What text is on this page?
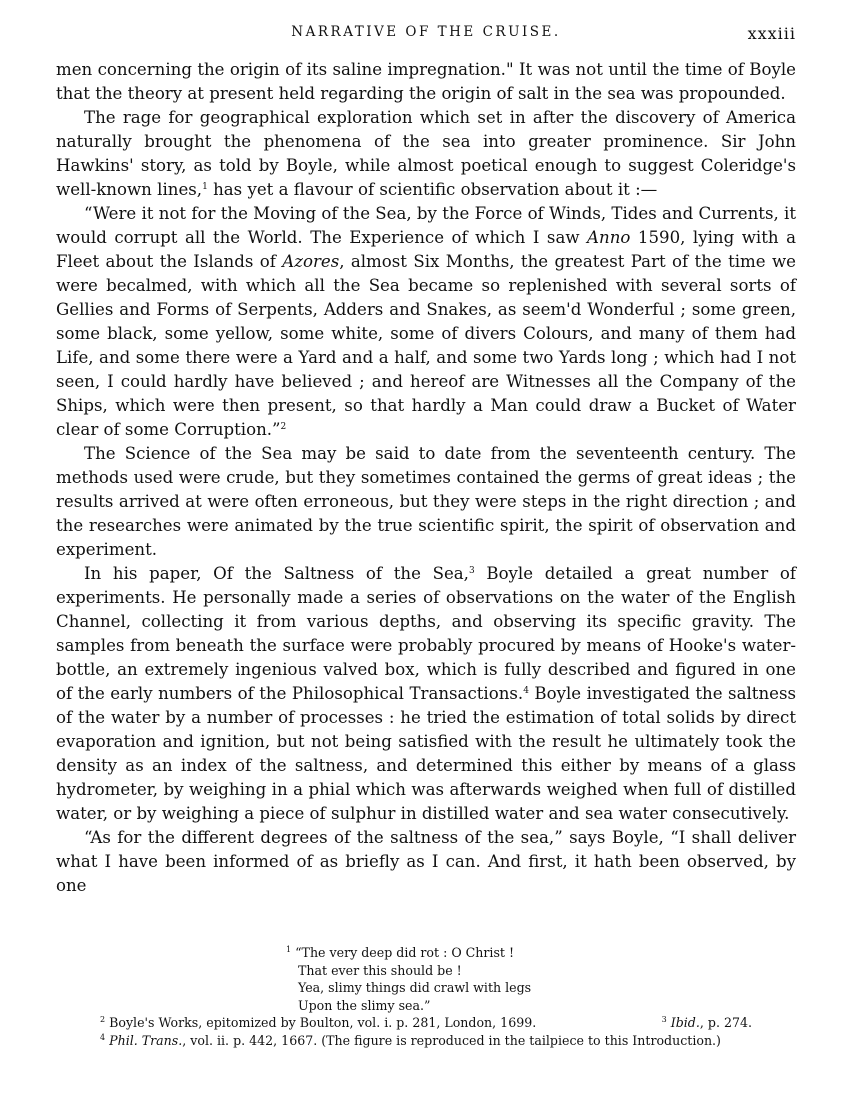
NARRATIVE OF THE CRUISE.	xxxiii

men concerning the origin of its saline impregnation." It was not until the time of Boyle that the theory at present held regarding the origin of salt in the sea was propounded.

The rage for geographical exploration which set in after the discovery of America naturally brought the phenomena of the sea into greater prominence. Sir John Hawkins' story, as told by Boyle, while almost poetical enough to suggest Coleridge's well-known lines,$^1$ has yet a flavour of scientific observation about it :—

“Were it not for the Moving of the Sea, by the Force of Winds, Tides and Currents, it would corrupt all the World. The Experience of which I saw Anno 1590, lying with a Fleet about the Islands of Azores, almost Six Months, the greatest Part of the time we were becalmed, with which all the Sea became so replenished with several sorts of Gellies and Forms of Serpents, Adders and Snakes, as seem'd Wonderful ; some green, some black, some yellow, some white, some of divers Colours, and many of them had Life, and some there were a Yard and a half, and some two Yards long ; which had I not seen, I could hardly have believed ; and hereof are Witnesses all the Company of the Ships, which were then present, so that hardly a Man could draw a Bucket of Water clear of some Corruption.”$^2$

The Science of the Sea may be said to date from the seventeenth century. The methods used were crude, but they sometimes contained the germs of great ideas ; the results arrived at were often erroneous, but they were steps in the right direction ; and the researches were animated by the true scientific spirit, the spirit of observation and experiment.

In his paper, Of the Saltness of the Sea,$^3$ Boyle detailed a great number of experiments. He personally made a series of observations on the water of the English Channel, collecting it from various depths, and observing its specific gravity. The samples from beneath the surface were probably procured by means of Hooke's water-bottle, an extremely ingenious valved box, which is fully described and figured in one of the early numbers of the Philosophical Transactions.$^4$ Boyle investigated the saltness of the water by a number of processes : he tried the estimation of total solids by direct evaporation and ignition, but not being satisfied with the result he ultimately took the density as an index of the saltness, and determined this either by means of a glass hydrometer, by weighing in a phial which was afterwards weighed when full of distilled water, or by weighing a piece of sulphur in distilled water and sea water consecutively.

“As for the different degrees of the saltness of the sea,” says Boyle, “I shall deliver what I have been informed of as briefly as I can. And first, it hath been observed, by one

$^1$ “The very deep did rot : O Christ !
That ever this should be !
Yea, slimy things did crawl with legs
Upon the slimy sea.”
$^2$ Boyle's Works, epitomized by Boulton, vol. i. p. 281, London, 1699.	$^3$ Ibid., p. 274.
$^4$ Phil. Trans., vol. ii. p. 442, 1667. (The figure is reproduced in the tailpiece to this Introduction.)
